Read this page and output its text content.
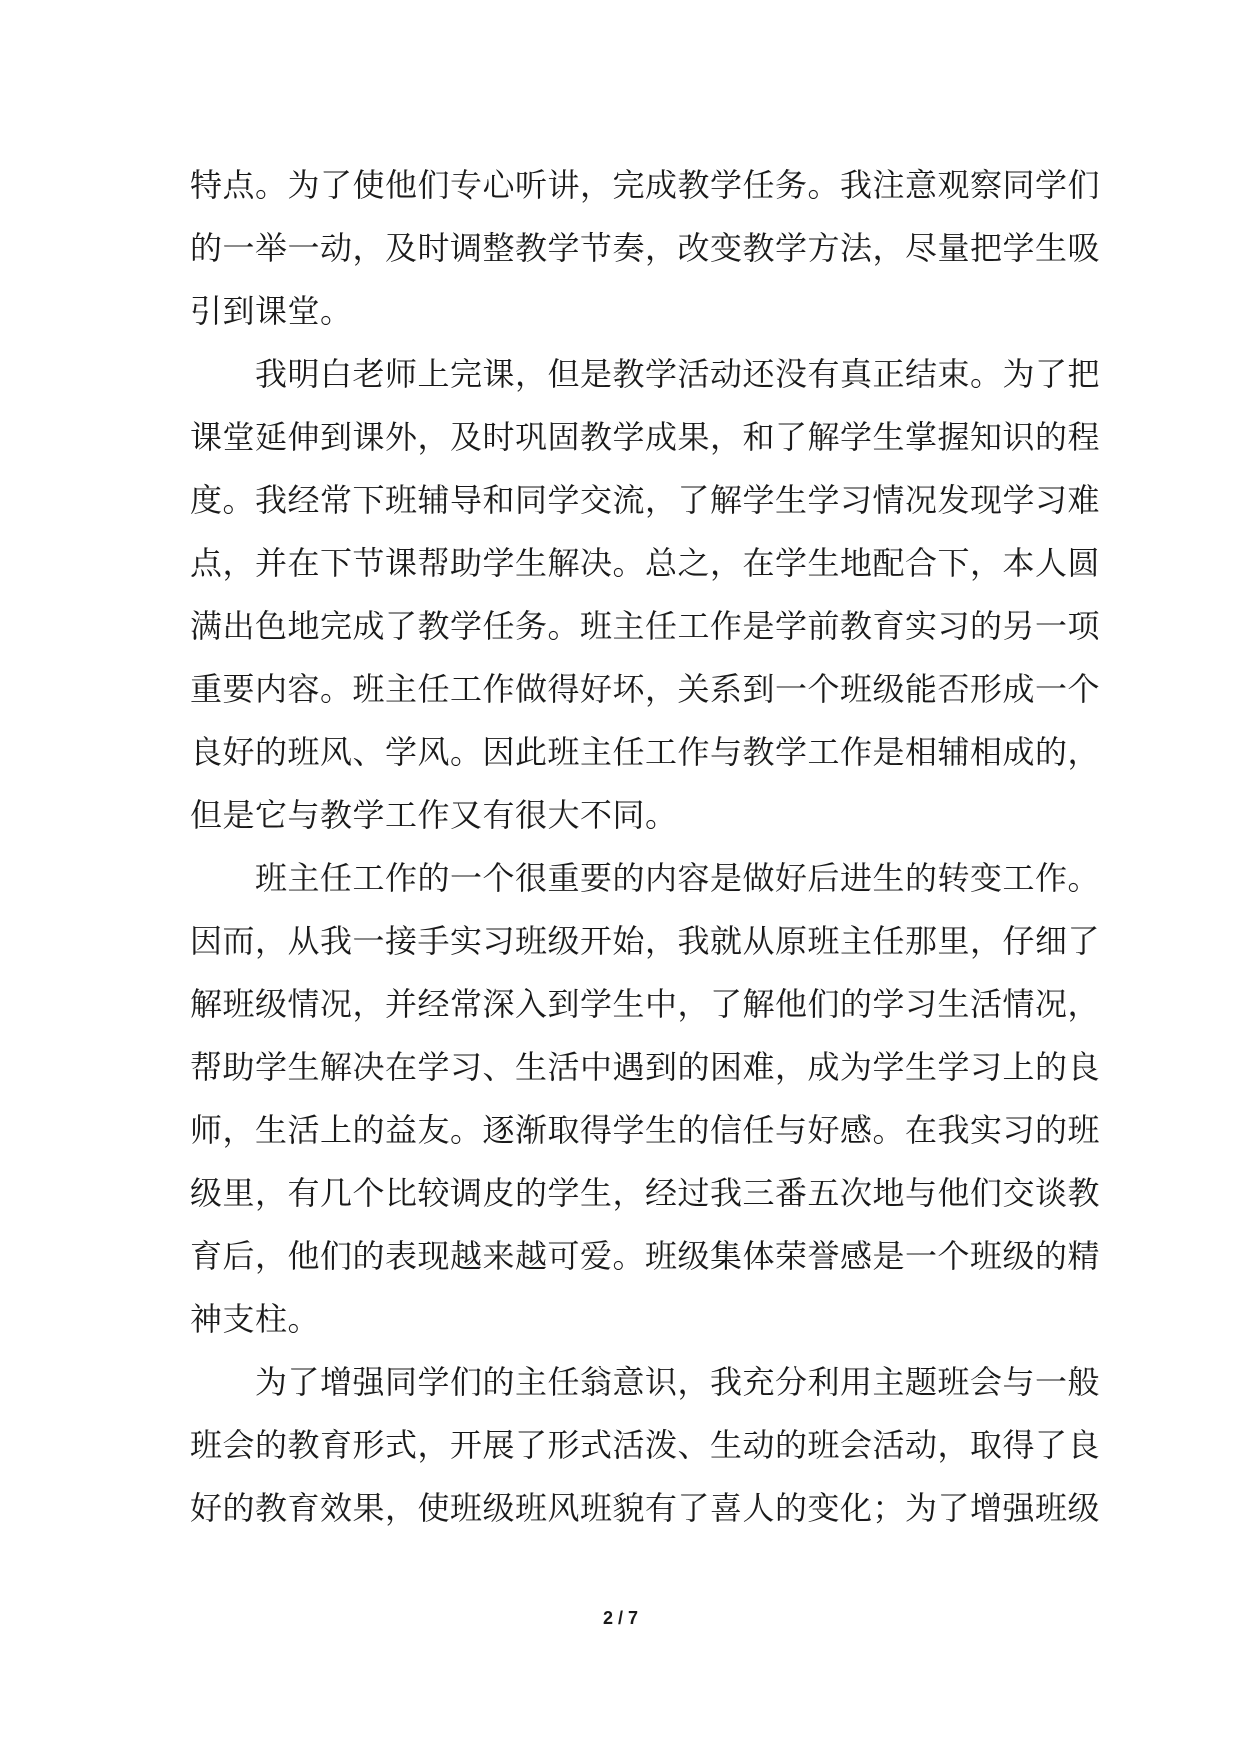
特点。为了使他们专心听讲，完成教学任务。我注意观察同学们
的一举一动，及时调整教学节奏，改变教学方法，尽量把学生吸
引到课堂。
　　我明白老师上完课，但是教学活动还没有真正结束。为了把
课堂延伸到课外，及时巩固教学成果，和了解学生掌握知识的程
度。我经常下班辅导和同学交流，了解学生学习情况发现学习难
点，并在下节课帮助学生解决。总之，在学生地配合下，本人圆
满出色地完成了教学任务。班主任工作是学前教育实习的另一项
重要内容。班主任工作做得好坏，关系到一个班级能否形成一个
良好的班风、学风。因此班主任工作与教学工作是相辅相成的，
但是它与教学工作又有很大不同。
　　班主任工作的一个很重要的内容是做好后进生的转变工作。
因而，从我一接手实习班级开始，我就从原班主任那里，仔细了
解班级情况，并经常深入到学生中，了解他们的学习生活情况，
帮助学生解决在学习、生活中遇到的困难，成为学生学习上的良
师，生活上的益友。逐渐取得学生的信任与好感。在我实习的班
级里，有几个比较调皮的学生，经过我三番五次地与他们交谈教
育后，他们的表现越来越可爱。班级集体荣誉感是一个班级的精
神支柱。
　　为了增强同学们的主任翁意识，我充分利用主题班会与一般
班会的教育形式，开展了形式活泼、生动的班会活动，取得了良
好的教育效果，使班级班风班貌有了喜人的变化；为了增强班级
2 / 7
